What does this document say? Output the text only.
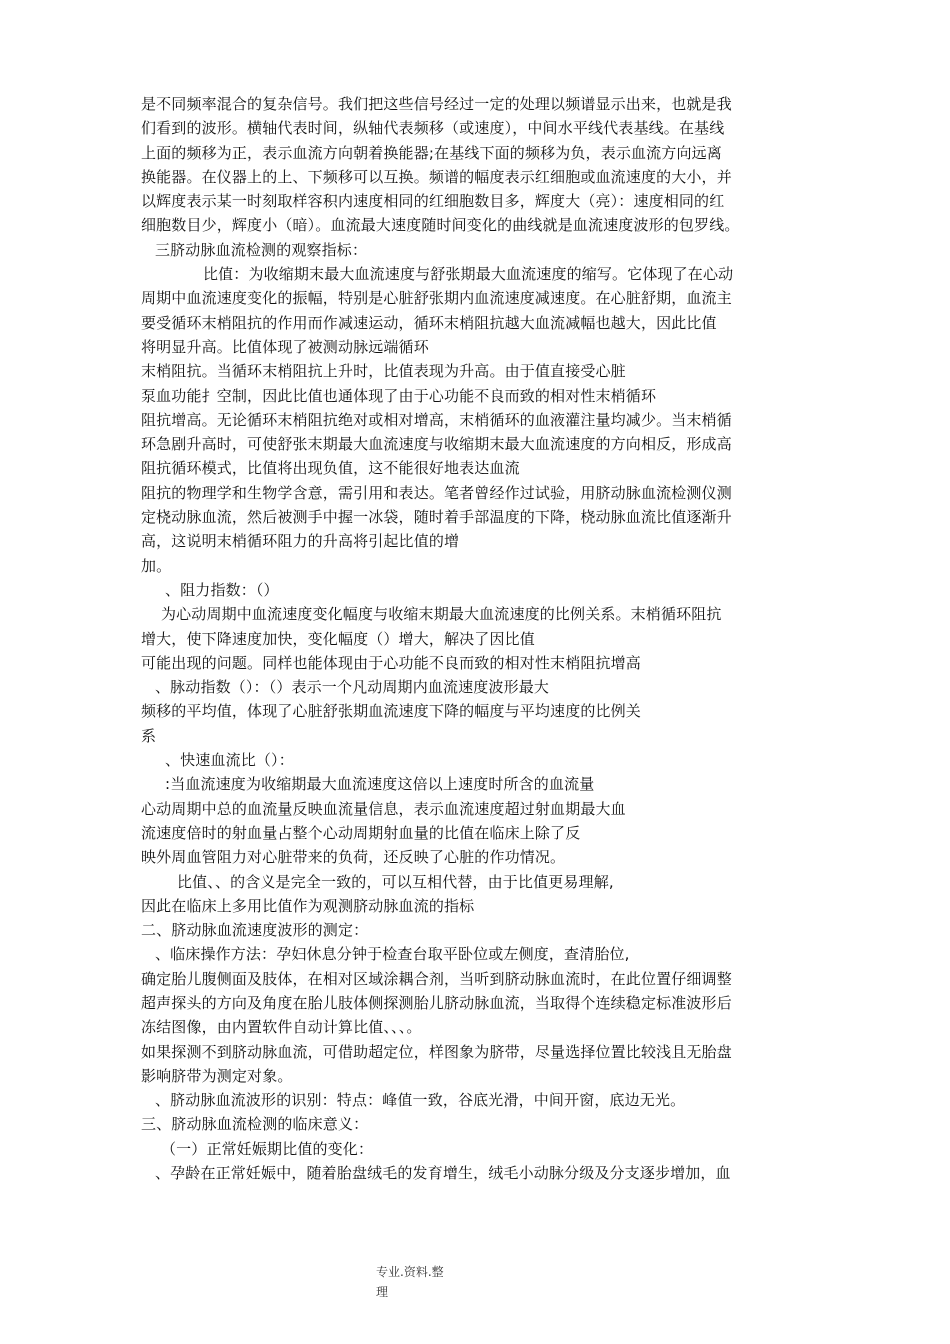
是不同频率混合的复杂信号。我们把这些信号经过一定的处理以频谱显示出来，也就是我
们看到的波形。横轴代表时间，纵轴代表频移（或速度），中间水平线代表基线。在基线
上面的频移为正，表示血流方向朝着换能器;在基线下面的频移为负，表示血流方向远离
换能器。在仪器上的上、下频移可以互换。频谱的幅度表示红细胞或血流速度的大小，并
以辉度表示某一时刻取样容积内速度相同的红细胞数目多，辉度大（亮）：速度相同的红
细胞数目少，辉度小（暗）。血流最大速度随时间变化的曲线就是血流速度波形的包罗线。
三脐动脉血流检测的观察指标：
比值：为收缩期末最大血流速度与舒张期最大血流速度的缩写。它体现了在心动
周期中血流速度变化的振幅，特别是心脏舒张期内血流速度减速度。在心脏舒期，血流主
要受循环末梢阻抗的作用而作减速运动，循环末梢阻抗越大血流减幅也越大，因此比值
将明显升高。比值体现了被测动脉远端循环
末梢阻抗。当循环末梢阻抗上升时，比值表现为升高。由于值直接受心脏
泵血功能扌空制，因此比值也通体现了由于心功能不良而致的相对性末梢循环
阻抗增高。无论循环末梢阻抗绝对或相对增高，末梢循环的血液灌注量均减少。当末梢循
环急剧升高时，可使舒张末期最大血流速度与收缩期末最大血流速度的方向相反，形成高
阻抗循环模式，比值将出现负值，这不能很好地表达血流
阻抗的物理学和生物学含意，需引用和表达。笔者曾经作过试验，用脐动脉血流检测仪测
定桡动脉血流，然后被测手中握一冰袋，随时着手部温度的下降，桡动脉血流比值逐渐升
高，这说明末梢循环阻力的升高将引起比值的增
加。
、阻力指数：（）
为心动周期中血流速度变化幅度与收缩末期最大血流速度的比例关系。末梢循环阻抗
增大，使下降速度加快，变化幅度（）增大，解决了因比值
可能出现的问题。同样也能体现由于心功能不良而致的相对性末梢阻抗增高
、脉动指数（）：（）表示一个凡动周期内血流速度波形最大
频移的平均值，体现了心脏舒张期血流速度下降的幅度与平均速度的比例关
系
、快速血流比（）：
:当血流速度为收缩期最大血流速度这倍以上速度时所含的血流量
心动周期中总的血流量反映血流量信息，表示血流速度超过射血期最大血
流速度倍时的射血量占整个心动周期射血量的比值在临床上除了反
映外周血管阻力对心脏带来的负荷，还反映了心脏的作功情况。
比值、、的含义是完全一致的，可以互相代替，由于比值更易理解,
因此在临床上多用比值作为观测脐动脉血流的指标
二、脐动脉血流速度波形的测定：
、临床操作方法：孕妇休息分钟于检查台取平卧位或左侧度，查清胎位,
确定胎儿腹侧面及肢体，在相对区域涂耦合剂，当听到脐动脉血流时，在此位置仔细调整
超声探头的方向及角度在胎儿肢体侧探测胎儿脐动脉血流，当取得个连续稳定标准波形后
冻结图像，由内置软件自动计算比值、、、。
如果探测不到脐动脉血流，可借助超定位，样图象为脐带，尽量选择位置比较浅且无胎盘
影响脐带为测定对象。
、脐动脉血流波形的识别：特点：峰值一致，谷底光滑，中间开窗，底边无光。
三、脐动脉血流检测的临床意义：
（一）正常妊娠期比值的变化：
、孕龄在正常妊娠中，随着胎盘绒毛的发育增生，绒毛小动脉分级及分支逐步增加，血
专业.资料.整
理
